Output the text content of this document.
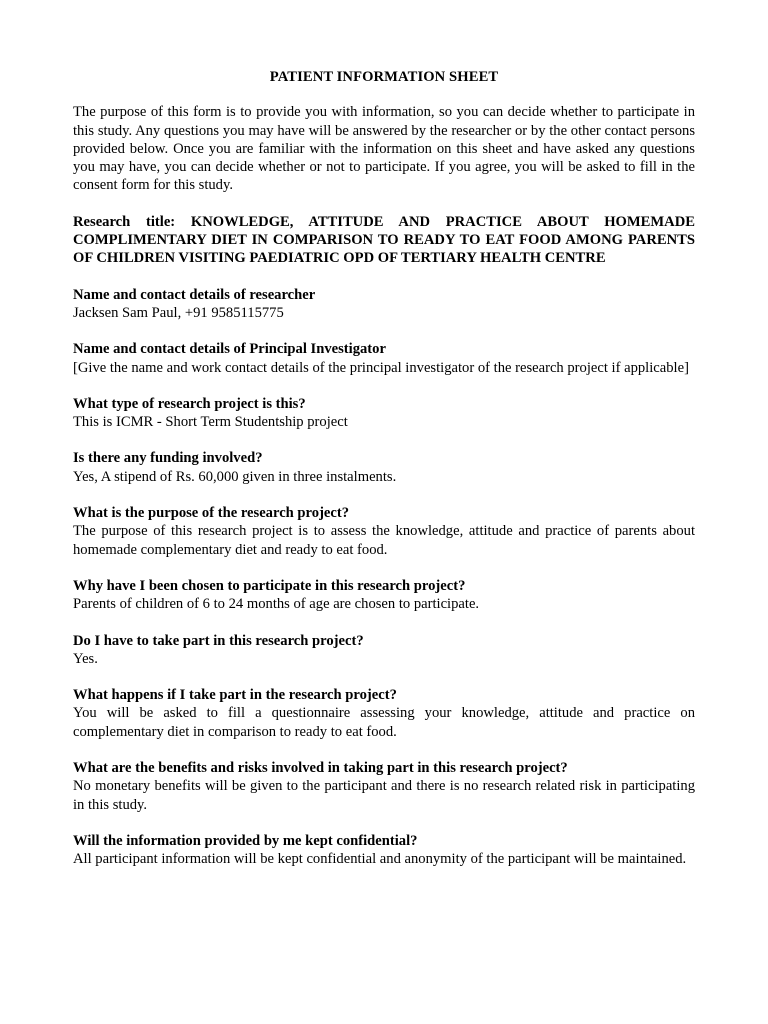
PATIENT INFORMATION SHEET

The purpose of this form is to provide you with information, so you can decide whether to participate in this study. Any questions you may have will be answered by the researcher or by the other contact persons provided below. Once you are familiar with the information on this sheet and have asked any questions you may have, you can decide whether or not to participate. If you agree, you will be asked to fill in the consent form for this study.

Research title: KNOWLEDGE, ATTITUDE AND PRACTICE ABOUT HOMEMADE COMPLIMENTARY DIET IN COMPARISON TO READY TO EAT FOOD AMONG PARENTS OF CHILDREN VISITING PAEDIATRIC OPD OF TERTIARY HEALTH CENTRE

Name and contact details of researcher
Jacksen Sam Paul, +91 9585115775
Name and contact details of Principal Investigator
[Give the name and work contact details of the principal investigator of the research project if applicable]
What type of research project is this?
This is ICMR - Short Term Studentship project
Is there any funding involved?
Yes, A stipend of Rs. 60,000 given in three instalments.
What is the purpose of the research project?
The purpose of this research project is to assess the knowledge, attitude and practice of parents about homemade complementary diet and ready to eat food.
Why have I been chosen to participate in this research project?
Parents of children of 6 to 24 months of age are chosen to participate.
Do I have to take part in this research project?
Yes.
What happens if I take part in the research project?
You will be asked to fill a questionnaire assessing your knowledge, attitude and practice on complementary diet in comparison to ready to eat food.
What are the benefits and risks involved in taking part in this research project?
No monetary benefits will be given to the participant and there is no research related risk in participating in this study.
Will the information provided by me kept confidential?
All participant information will be kept confidential and anonymity of the participant will be maintained.
